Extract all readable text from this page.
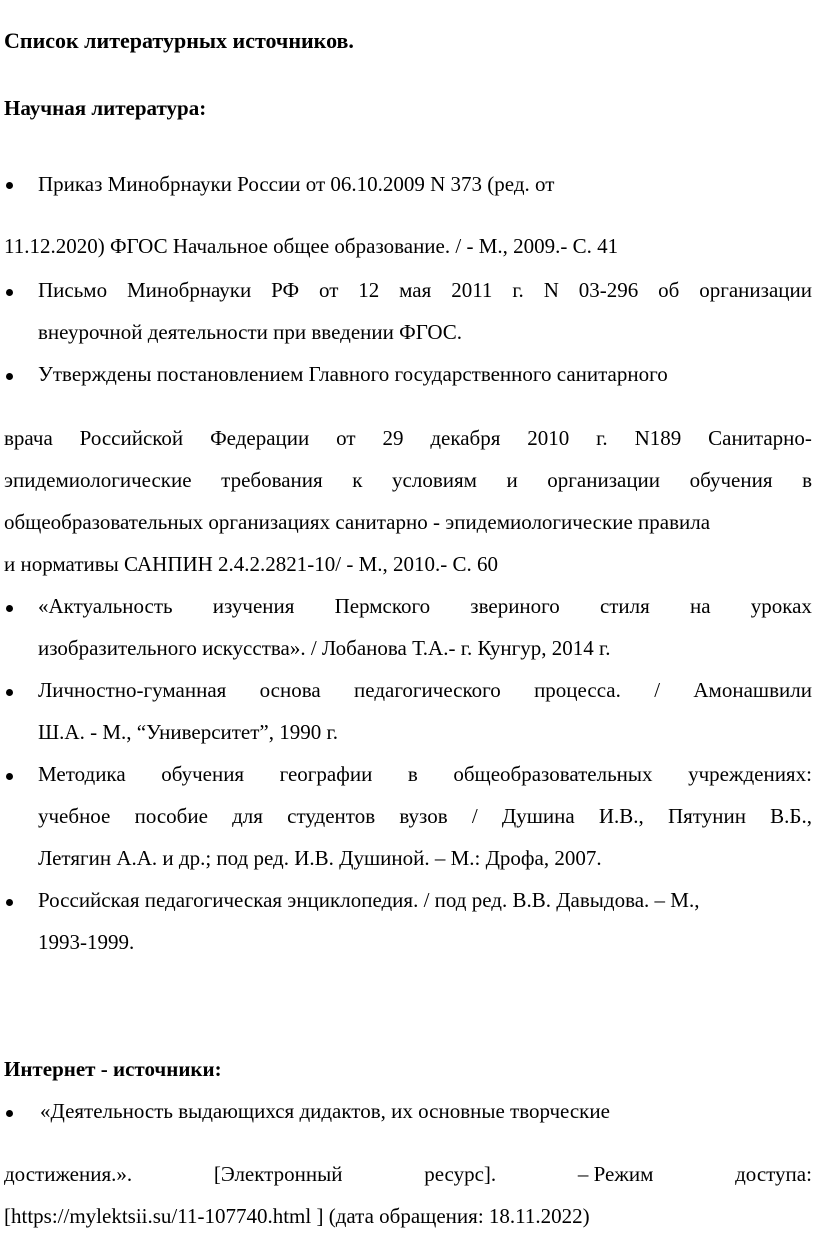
Список литературных источников.
Научная литература:
Приказ Минобрнауки России от 06.10.2009 N 373 (ред. от
11.12.2020) ФГОС Начальное общее образование. / - М., 2009.- С. 41
Письмо Минобрнауки РФ от 12 мая 2011 г. N 03-296 об организации
внеурочной деятельности при введении ФГОС.
Утверждены постановлением Главного государственного санитарного
врача Российской Федерации от 29 декабря 2010 г. N189 Санитарно-
эпидемиологические требования к условиям и организации обучения в
общеобразовательных организациях санитарно - эпидемиологические правила
и нормативы САНПИН 2.4.2.2821-10/ - М., 2010.- С. 60
«Актуальность изучения Пермского звериного стиля на уроках
изобразительного искусства». / Лобанова Т.А.- г. Кунгур, 2014 г.
Личностно-гуманная основа педагогического процесса. / Амонашвили
Ш.А. - М., “Университет”, 1990 г.
Методика обучения географии в общеобразовательных учреждениях:
учебное пособие для студентов вузов / Душина И.В., Пятунин В.Б.,
Летягин А.А. и др.; под ред. И.В. Душиной. – М.: Дрофа, 2007.
Российская педагогическая энциклопедия. / под ред. В.В. Давыдова. – М.,
1993-1999.
Интернет - источники:
«Деятельность выдающихся дидактов, их основные творческие
достижения.».	[Электронный	ресурс].	– Режим	доступа:
[https://mylektsii.su/11-107740.html ] (дата обращения: 18.11.2022)
